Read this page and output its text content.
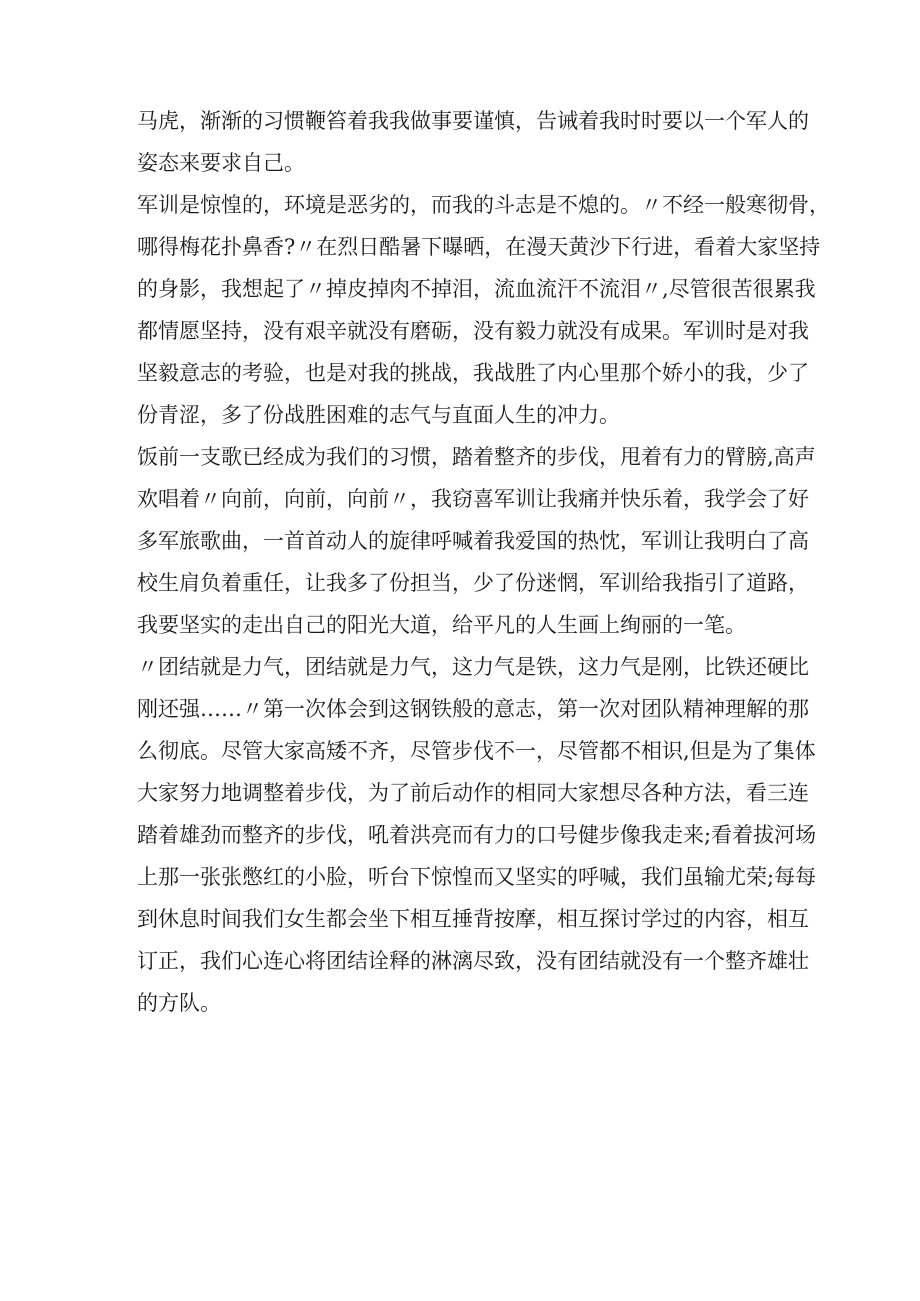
马虎，渐渐的习惯鞭笞着我我做事要谨慎，告诫着我时时要以一个军人的
姿态来要求自己。
军训是惊惶的，环境是恶劣的，而我的斗志是不熄的。〃不经一般寒彻骨，
哪得梅花扑鼻香?〃在烈日酷暑下曝晒，在漫天黄沙下行进，看着大家坚持
的身影，我想起了〃掉皮掉肉不掉泪，流血流汗不流泪〃,尽管很苦很累我
都情愿坚持，没有艰辛就没有磨砺，没有毅力就没有成果。军训时是对我
坚毅意志的考验，也是对我的挑战，我战胜了内心里那个娇小的我，少了
份青涩，多了份战胜困难的志气与直面人生的冲力。
饭前一支歌已经成为我们的习惯，踏着整齐的步伐，甩着有力的臂膀,高声
欢唱着〃向前，向前，向前〃，我窃喜军训让我痛并快乐着，我学会了好
多军旅歌曲，一首首动人的旋律呼喊着我爱国的热忱，军训让我明白了高
校生肩负着重任，让我多了份担当，少了份迷惘，军训给我指引了道路，
我要坚实的走出自己的阳光大道，给平凡的人生画上绚丽的一笔。
〃团结就是力气，团结就是力气，这力气是铁，这力气是刚，比铁还硬比
刚还强……〃第一次体会到这钢铁般的意志，第一次对团队精神理解的那
么彻底。尽管大家高矮不齐，尽管步伐不一，尽管都不相识,但是为了集体
大家努力地调整着步伐，为了前后动作的相同大家想尽各种方法，看三连
踏着雄劲而整齐的步伐，吼着洪亮而有力的口号健步像我走来;看着拔河场
上那一张张憋红的小脸，听台下惊惶而又坚实的呼喊，我们虽输尤荣;每每
到休息时间我们女生都会坐下相互捶背按摩，相互探讨学过的内容，相互
订正，我们心连心将团结诠释的淋漓尽致，没有团结就没有一个整齐雄壮
的方队。
